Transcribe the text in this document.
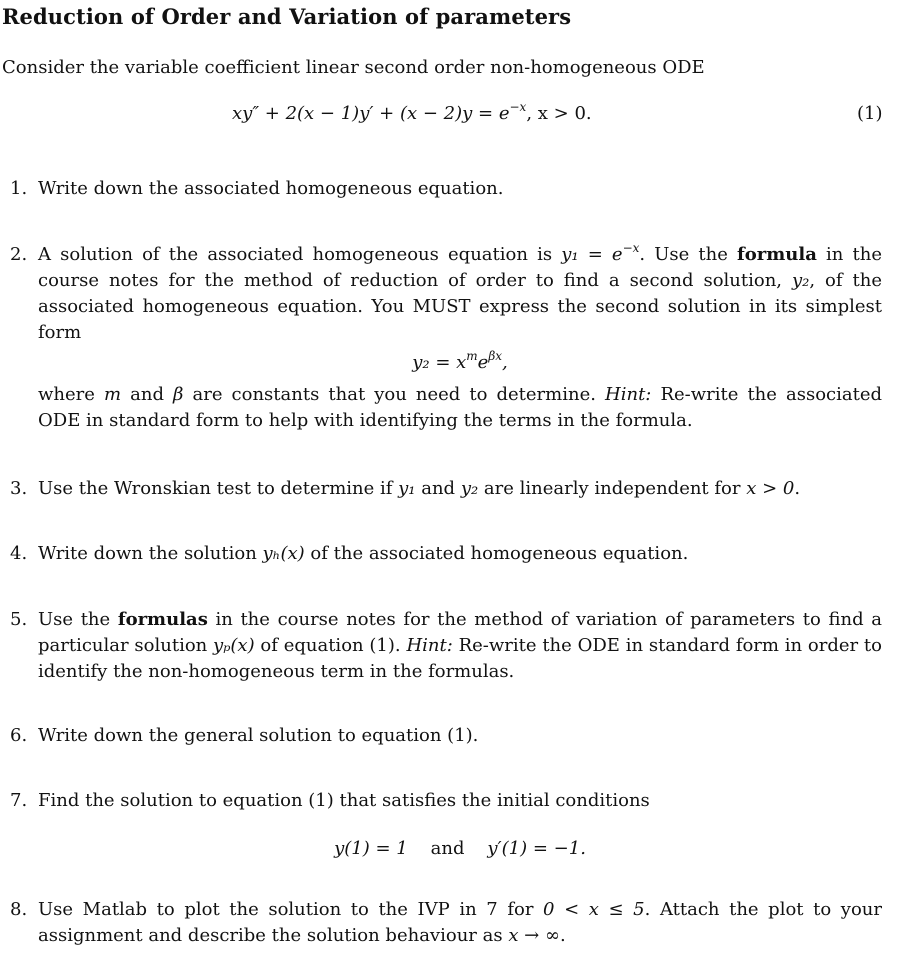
Reduction of Order and Variation of parameters
Consider the variable coefficient linear second order non-homogeneous ODE
$xy'' + 2(x - 1)y' + (x - 2)y = e^{-x}$, x > 0.	(1)
1. Write down the associated homogeneous equation.
2. A solution of the associated homogeneous equation is $y_1 = e^{-x}$. Use the formula in the course notes for the method of reduction of order to find a second solution, y₂, of the associated homogeneous equation. You MUST express the second solution in its simplest form
$y_2 = x^me^{\beta x}$,
where m and β are constants that you need to determine. Hint: Re-write the associated ODE in standard form to help with identifying the terms in the formula.
3. Use the Wronskian test to determine if y₁ and y₂ are linearly independent for x > 0.
4. Write down the solution yₕ(x) of the associated homogeneous equation.
5. Use the formulas in the course notes for the method of variation of parameters to find a particular solution yₚ(x) of equation (1). Hint: Re-write the ODE in standard form in order to identify the non-homogeneous term in the formulas.
6. Write down the general solution to equation (1).
7. Find the solution to equation (1) that satisfies the initial conditions
y(1) = 1 and y′(1) = −1.
8. Use Matlab to plot the solution to the IVP in 7 for 0 < x ≤ 5. Attach the plot to your assignment and describe the solution behaviour as x → ∞.
